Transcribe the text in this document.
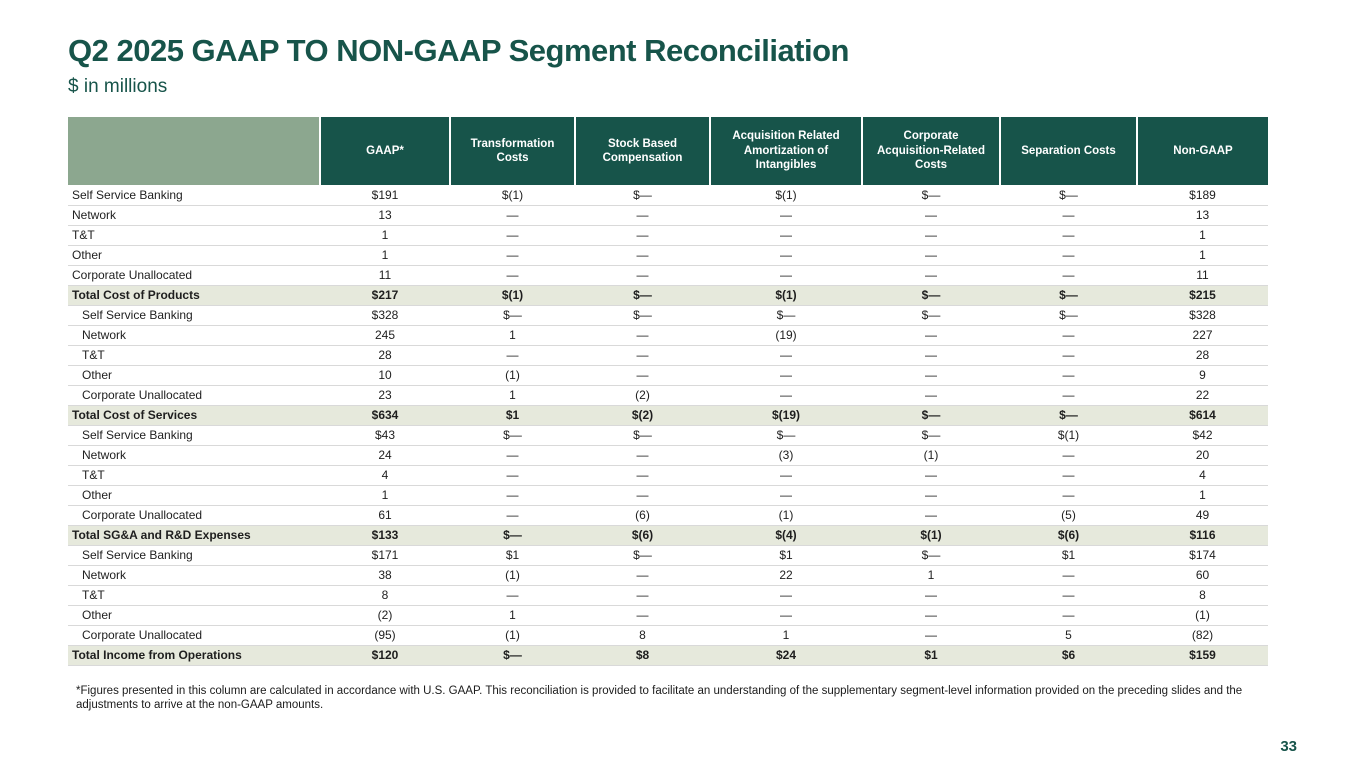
Q2 2025 GAAP TO NON-GAAP Segment Reconciliation
$ in millions
	GAAP*	Transformation Costs	Stock Based Compensation	Acquisition Related Amortization of Intangibles	Corporate Acquisition-Related Costs	Separation Costs	Non-GAAP
Self Service Banking	$191	$(1)	$—	$(1)	$—	$—	$189
Network	13	—	—	—	—	—	13
T&T	1	—	—	—	—	—	1
Other	1	—	—	—	—	—	1
Corporate Unallocated	11	—	—	—	—	—	11
Total Cost of Products	$217	$(1)	$—	$(1)	$—	$—	$215
Self Service Banking	$328	$—	$—	$—	$—	$—	$328
Network	245	1	—	(19)	—	—	227
T&T	28	—	—	—	—	—	28
Other	10	(1)	—	—	—	—	9
Corporate Unallocated	23	1	(2)	—	—	—	22
Total Cost of Services	$634	$1	$(2)	$(19)	$—	$—	$614
Self Service Banking	$43	$—	$—	$—	$—	$(1)	$42
Network	24	—	—	(3)	(1)	—	20
T&T	4	—	—	—	—	—	4
Other	1	—	—	—	—	—	1
Corporate Unallocated	61	—	(6)	(1)	—	(5)	49
Total SG&A and R&D Expenses	$133	$—	$(6)	$(4)	$(1)	$(6)	$116
Self Service Banking	$171	$1	$—	$1	$—	$1	$174
Network	38	(1)	—	22	1	—	60
T&T	8	—	—	—	—	—	8
Other	(2)	1	—	—	—	—	(1)
Corporate Unallocated	(95)	(1)	8	1	—	5	(82)
Total Income from Operations	$120	$—	$8	$24	$1	$6	$159
*Figures presented in this column are calculated in accordance with U.S. GAAP. This reconciliation is provided to facilitate an understanding of the supplementary segment-level information provided on the preceding slides and the adjustments to arrive at the non-GAAP amounts.
33
